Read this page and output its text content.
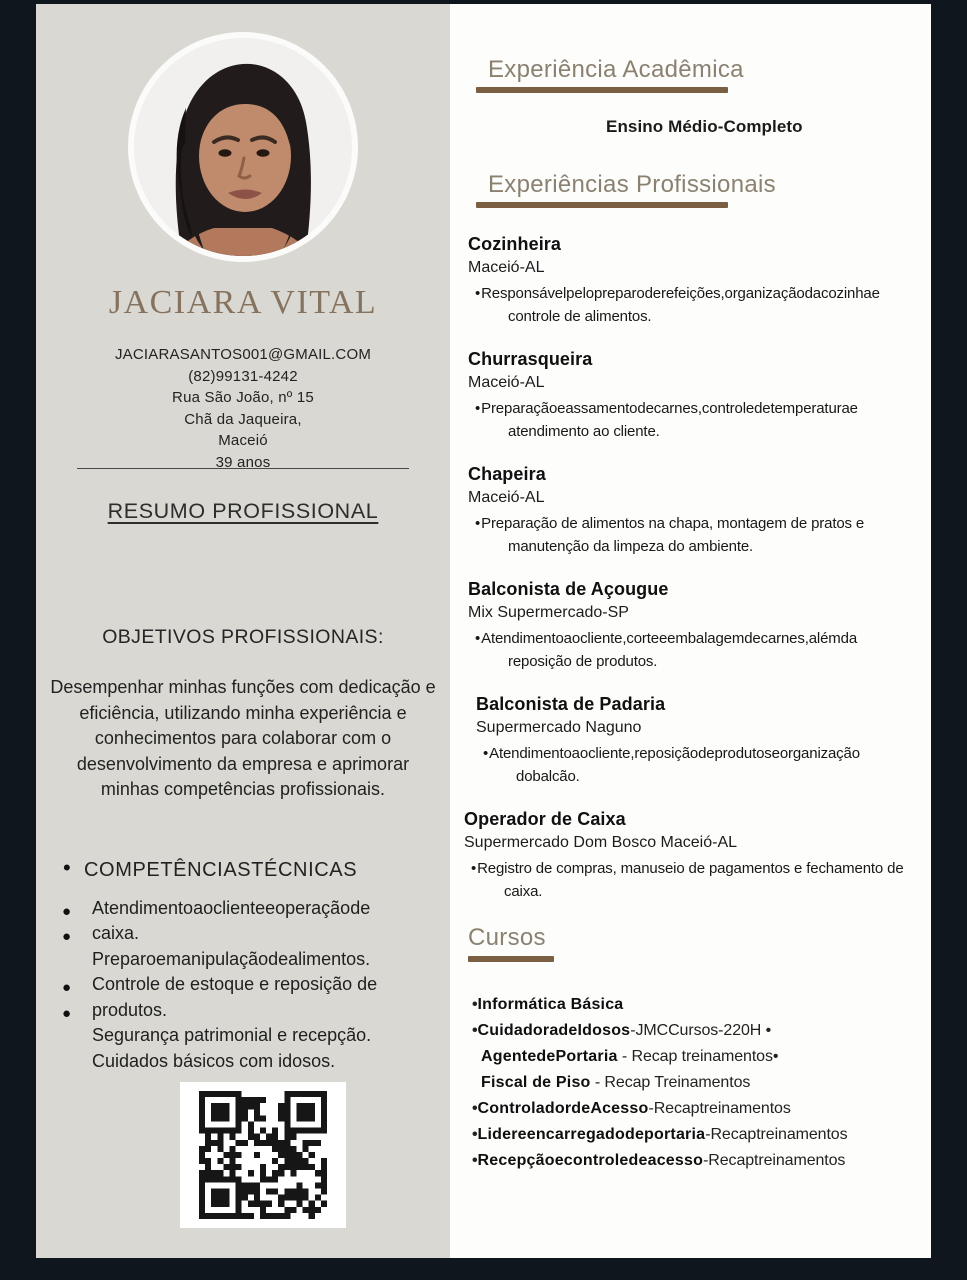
JACIARA VITAL
JACIARASANTOS001@GMAIL.COM
(82)99131-4242
Rua São João, nº 15
Chã da Jaqueira,
Maceió
39 anos
RESUMO PROFISSIONAL
OBJETIVOS PROFISSIONAIS:
Desempenhar minhas funções com dedicação e eficiência, utilizando minha experiência e conhecimentos para colaborar com o desenvolvimento da empresa e aprimorar minhas competências profissionais.
• COMPETÊNCIASTÉCNICAS
● Atendimentoaoclienteeoperaçãode
● caixa.
Preparoemanipulaçãodealimentos.
● Controle de estoque e reposição de
● produtos.
Segurança patrimonial e recepção.
Cuidados básicos com idosos.
Experiência Acadêmica
Ensino Médio-Completo
Experiências Profissionais
Cozinheira
Maceió-AL
• Responsávelpelopreparoderefeições,organizaçãodacozinhae controle de alimentos.
Churrasqueira
Maceió-AL
• Preparaçãoeassamentodecarnes,controledetemperaturae atendimento ao cliente.
Chapeira
Maceió-AL
• Preparação de alimentos na chapa, montagem de pratos e manutenção da limpeza do ambiente.
Balconista de Açougue
Mix Supermercado-SP
• Atendimentoaocliente,corteeembalagemdecarnes,alémda reposição de produtos.
Balconista de Padaria
Supermercado Naguno
• Atendimentoaocliente,reposiçãodeprodutoseorganização dobalcão.
Operador de Caixa
Supermercado Dom Bosco Maceió-AL
• Registro de compras, manuseio de pagamentos e fechamento de caixa.
Cursos
•Informática Básica
•CuidadoradeIdosos-JMCCursos-220H •
AgentedePortaria - Recap treinamentos•
Fiscal de Piso - Recap Treinamentos
•ControladordeAcesso-Recaptreinamentos
•Lidereencarregadodeportaria-Recaptreinamentos
•Recepçãoecontroledeacesso-Recaptreinamentos
